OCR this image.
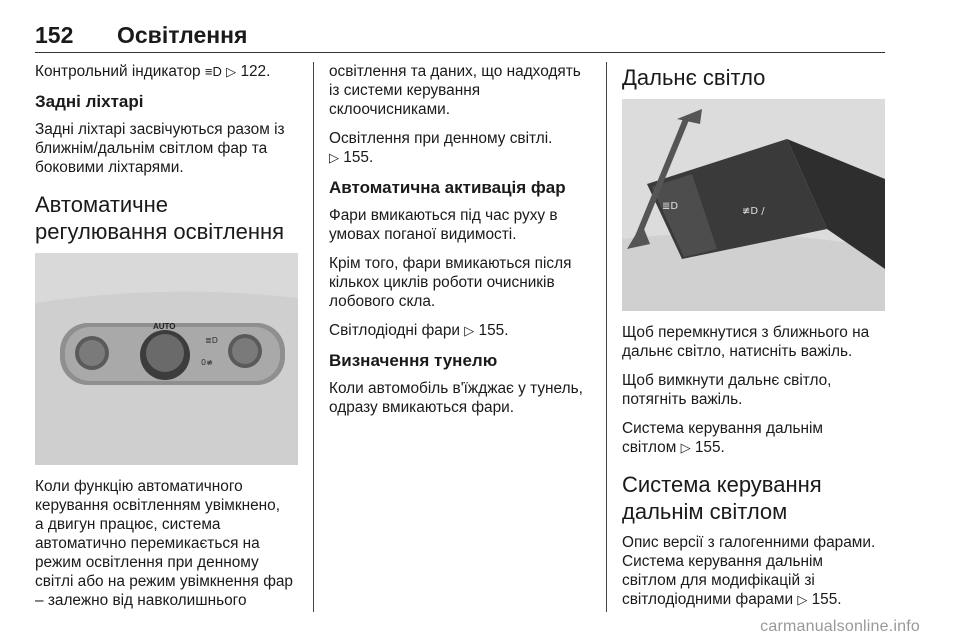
152 Освітлення

Контрольний індикатор ≡D ▷ 122.

Задні ліхтарі

Задні ліхтарі засвічуються разом із
ближнім/дальнім світлом фар та
боковими ліхтарями.

Автоматичне
регулювання освітлення
AUTO
≣D
0≢

Коли функцію автоматичного
керування освітленням увімкнено,
а двигун працює, система
автоматично перемикається на
режим освітлення при денному
світлі або на режим увімкнення фар
– залежно від навколишнього

освітлення та даних, що надходять
із системи керування
склоочисниками.

Освітлення при денному світлі.
▷ 155.

Автоматична активація фар

Фари вмикаються під час руху в
умовах поганої видимості.

Крім того, фари вмикаються після
кількох циклів роботи очисників
лобового скла.

Світлодіодні фари ▷ 155.

Визначення тунелю

Коли автомобіль в'їжджає у тунель,
одразу вмикаються фари.

Дальнє світло
≣D	≢D /

Щоб перемкнутися з ближнього на
дальнє світло, натисніть важіль.

Щоб вимкнути дальнє світло,
потягніть важіль.

Система керування дальнім
світлом ▷ 155.

Система керування
дальнім світлом

Опис версії з галогенними фарами.
Система керування дальнім
світлом для модифікацій зі
світлодіодними фарами ▷ 155.

carmanualsonline.info
